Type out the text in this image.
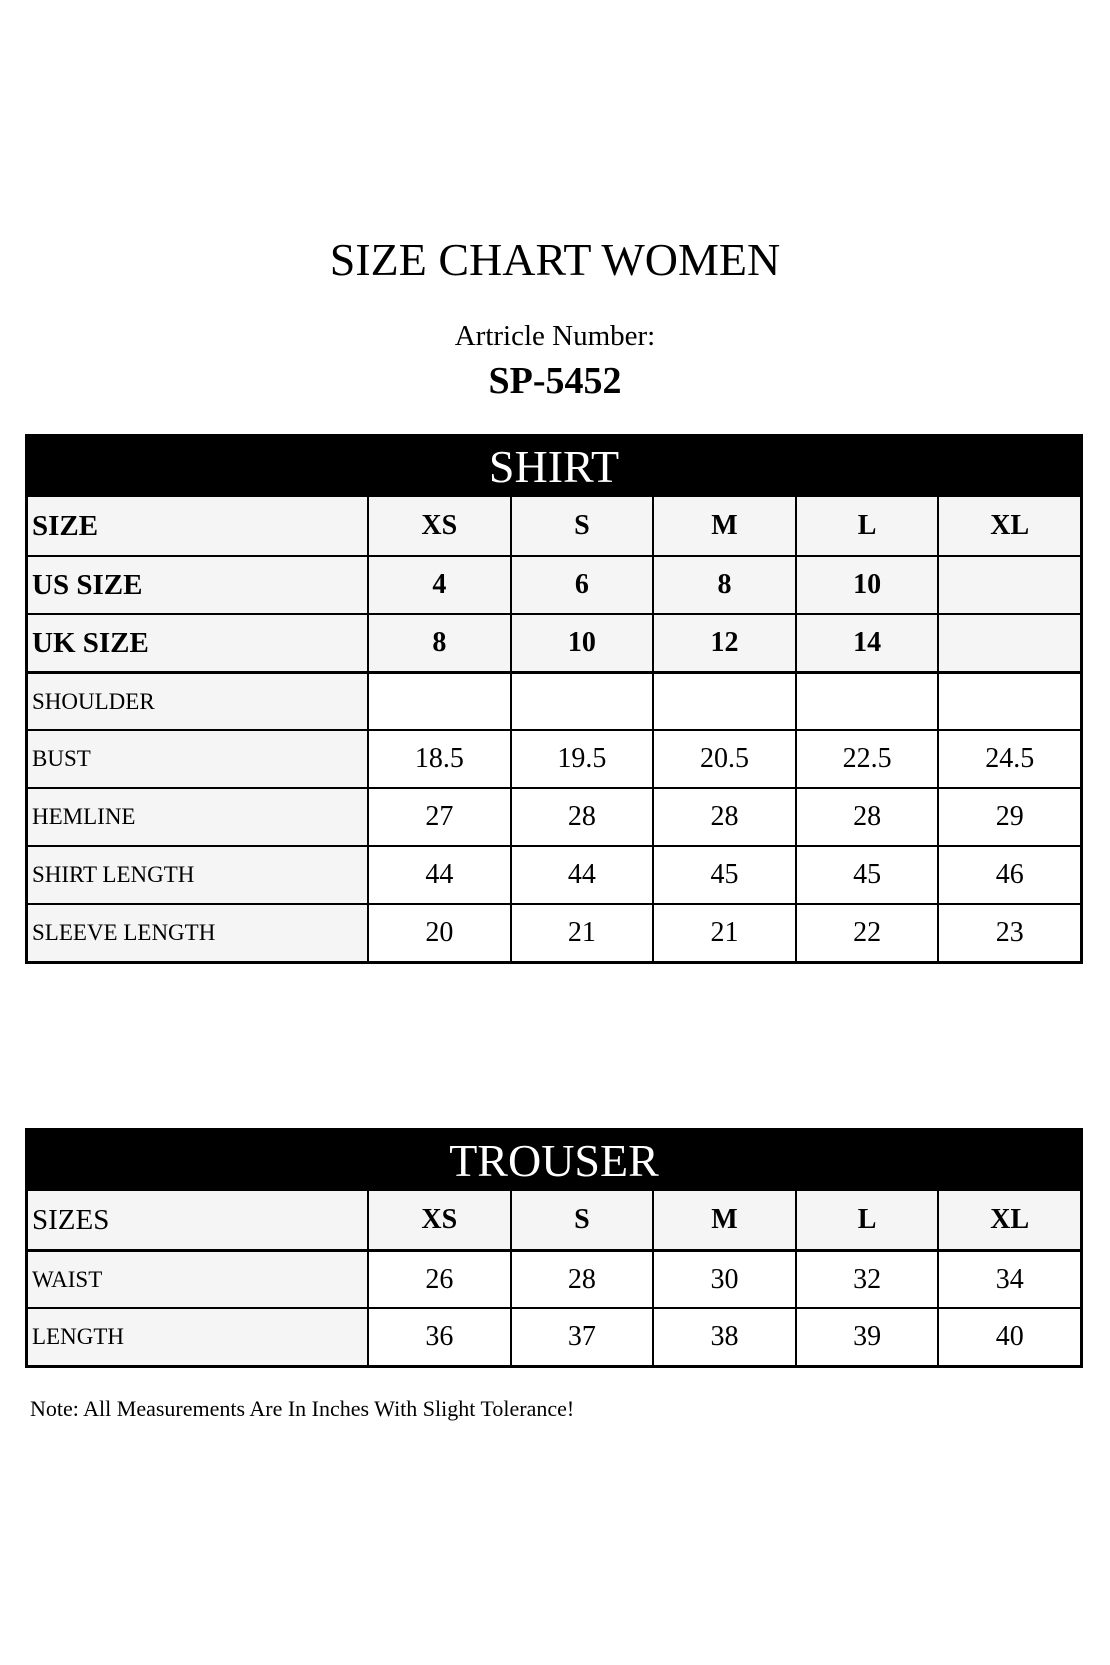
SIZE CHART WOMEN
Artricle Number:
SP-5452
SHIRT
SIZE	XS	S	M	L	XL
US SIZE	4	6	8	10
UK SIZE	8	10	12	14
SHOULDER
BUST	18.5	19.5	20.5	22.5	24.5
HEMLINE	27	28	28	28	29
SHIRT LENGTH	44	44	45	45	46
SLEEVE LENGTH	20	21	21	22	23
TROUSER
SIZES	XS	S	M	L	XL
WAIST	26	28	30	32	34
LENGTH	36	37	38	39	40
Note: All Measurements Are In Inches With Slight Tolerance!
